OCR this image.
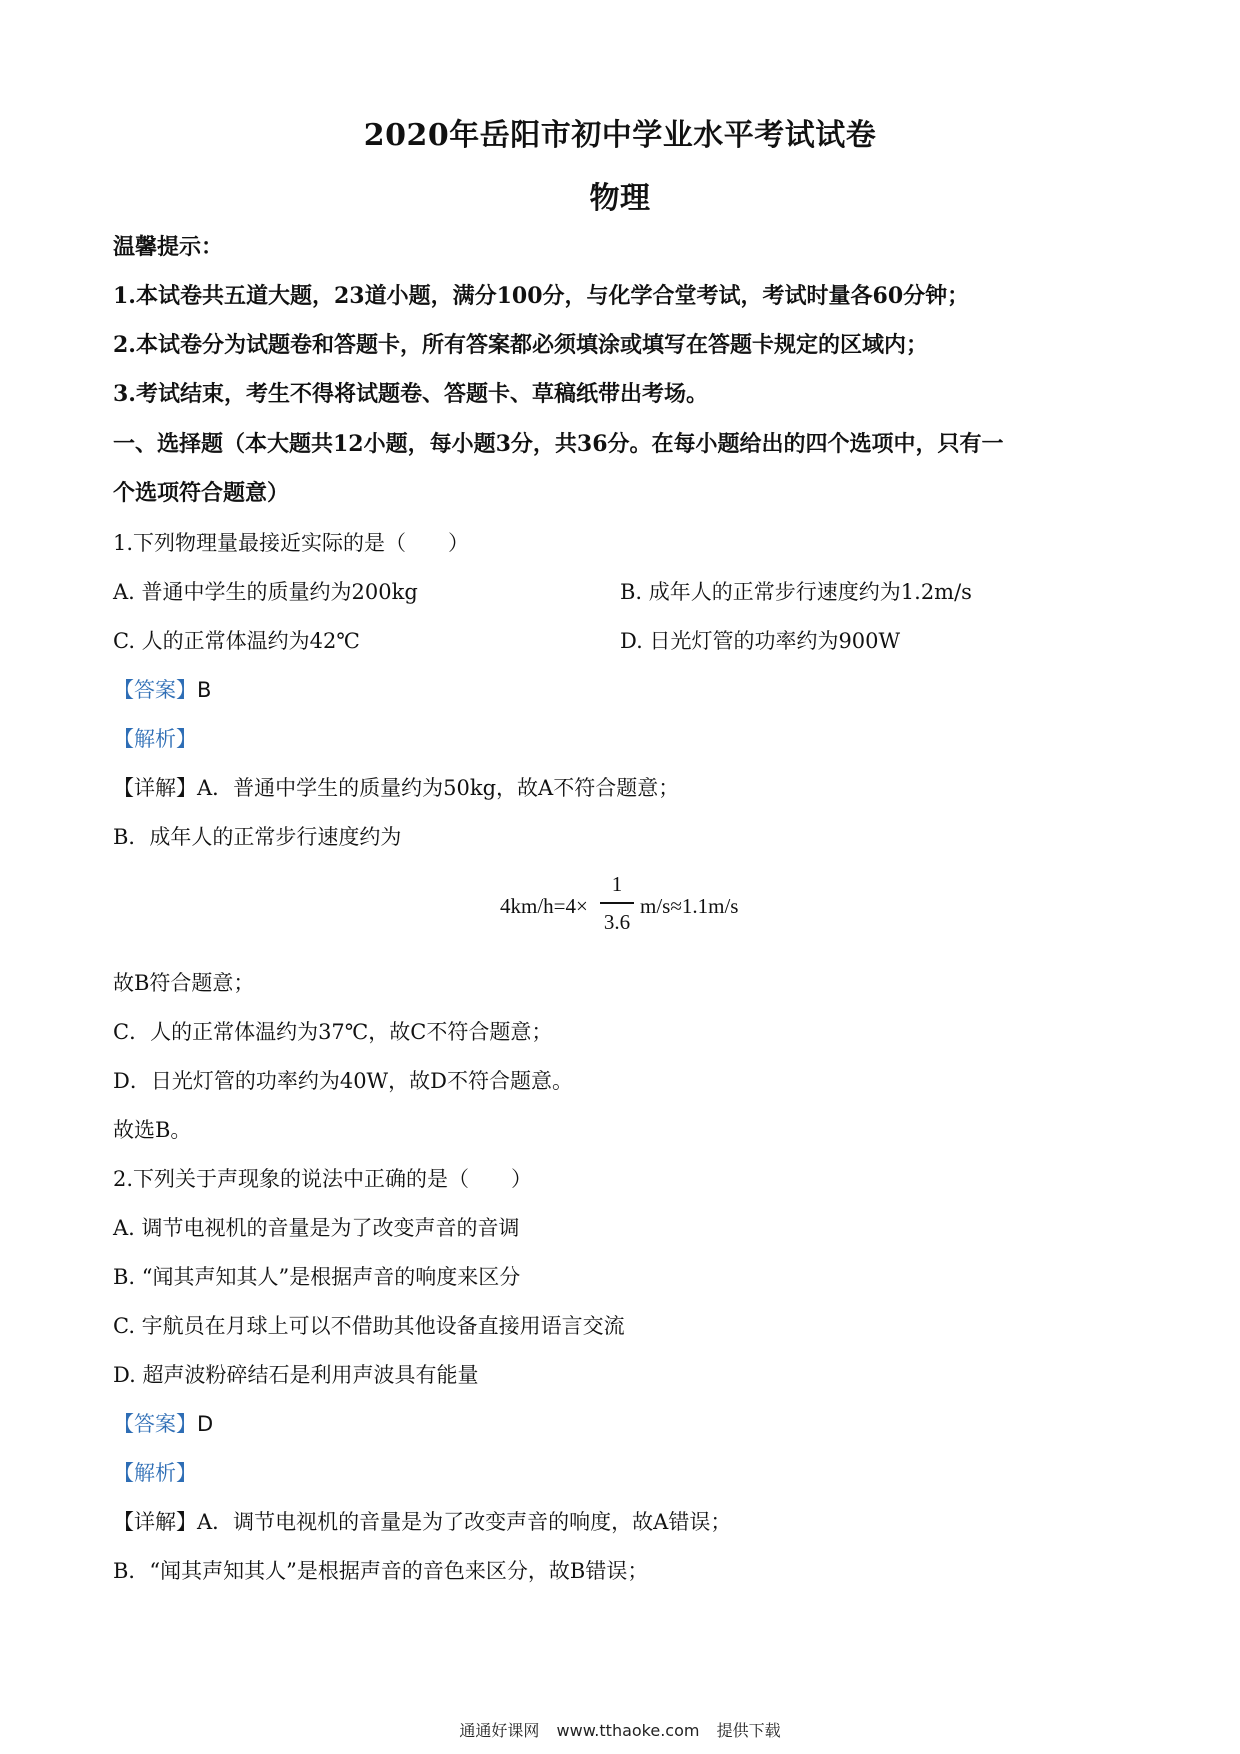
2020年岳阳市初中学业水平考试试卷
物理
温馨提示：
1.本试卷共五道大题，23道小题，满分100分，与化学合堂考试，考试时量各60分钟；
2.本试卷分为试题卷和答题卡，所有答案都必须填涂或填写在答题卡规定的区域内；
3.考试结束，考生不得将试题卷、答题卡、草稿纸带出考场。
一、选择题（本大题共12小题，每小题3分，共36分。在每小题给出的四个选项中，只有一
个选项符合题意）
1.下列物理量最接近实际的是（　　）
A. 普通中学生的质量约为200kg	B. 成年人的正常步行速度约为1.2m/s
C. 人的正常体温约为42℃	D. 日光灯管的功率约为900W
【答案】B
【解析】
【详解】A．普通中学生的质量约为50kg，故A不符合题意；
B．成年人的正常步行速度约为
4km/h=4×
1
3.6
m/s≈1.1m/s
故B符合题意；
C．人的正常体温约为37℃，故C不符合题意；
D．日光灯管的功率约为40W，故D不符合题意。
故选B。
2.下列关于声现象的说法中正确的是（　　）
A. 调节电视机的音量是为了改变声音的音调
B. “闻其声知其人”是根据声音的响度来区分
C. 宇航员在月球上可以不借助其他设备直接用语言交流
D. 超声波粉碎结石是利用声波具有能量
【答案】D
【解析】
【详解】A．调节电视机的音量是为了改变声音的响度，故A错误；
B．“闻其声知其人”是根据声音的音色来区分，故B错误；
通通好课网 www.tthaoke.com 提供下载
